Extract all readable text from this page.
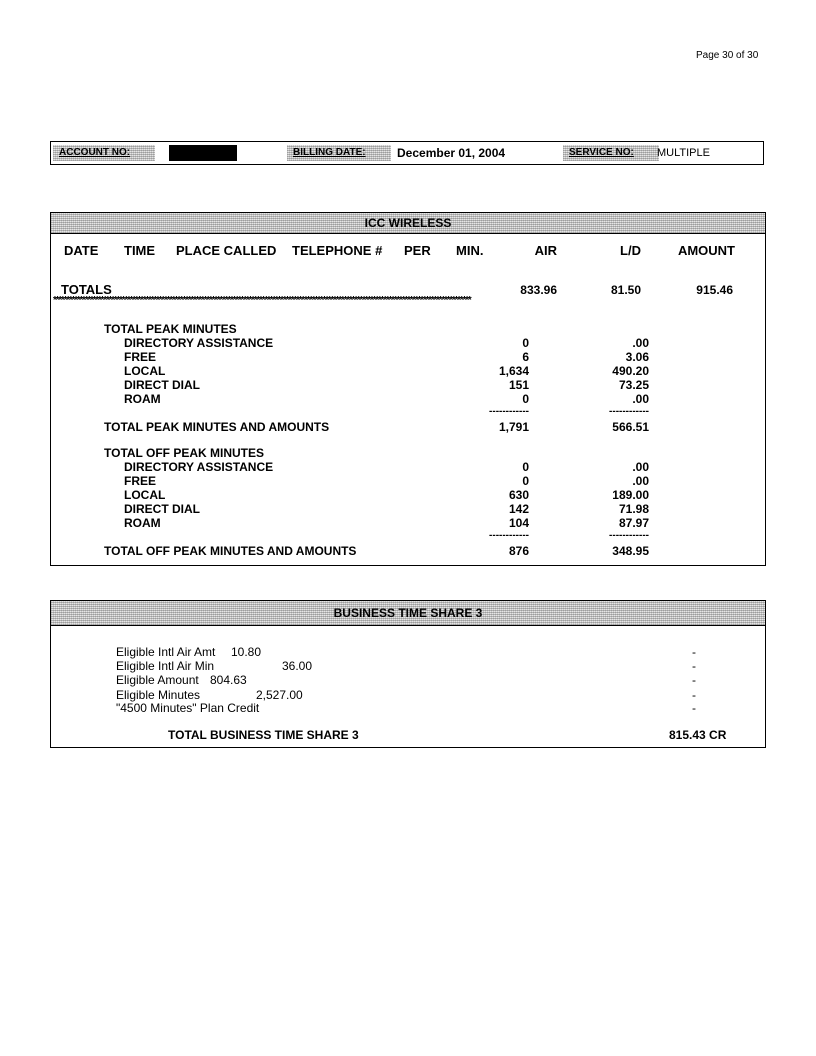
Page 30 of 30
ACCOUNT NO:	BILLING DATE:	December 01, 2004	SERVICE NO:	MULTIPLE
ICC WIRELESS
DATE TIME PLACE CALLED TELEPHONE # PER MIN.	AIR	L/D	AMOUNT
TOTALS	833.96	81.50	915.46
**************************************************************************************************************************************************************
TOTAL PEAK MINUTES
DIRECTORY ASSISTANCE	0	.00
FREE	6	3.06
LOCAL	1,634	490.20
DIRECT DIAL	151	73.25
ROAM	0	.00
------------	------------
TOTAL PEAK MINUTES AND AMOUNTS	1,791	566.51
TOTAL OFF PEAK MINUTES
DIRECTORY ASSISTANCE	0	.00
FREE	0	.00
LOCAL	630	189.00
DIRECT DIAL	142	71.98
ROAM	104	87.97
------------	------------
TOTAL OFF PEAK MINUTES AND AMOUNTS	876	348.95
BUSINESS TIME SHARE 3
Eligible Intl Air Amt 10.80	-
Eligible Intl Air Min	36.00	-
Eligible Amount 804.63	-
Eligible Minutes	2,527.00	-
"4500 Minutes" Plan Credit	-
TOTAL BUSINESS TIME SHARE 3	815.43 CR
